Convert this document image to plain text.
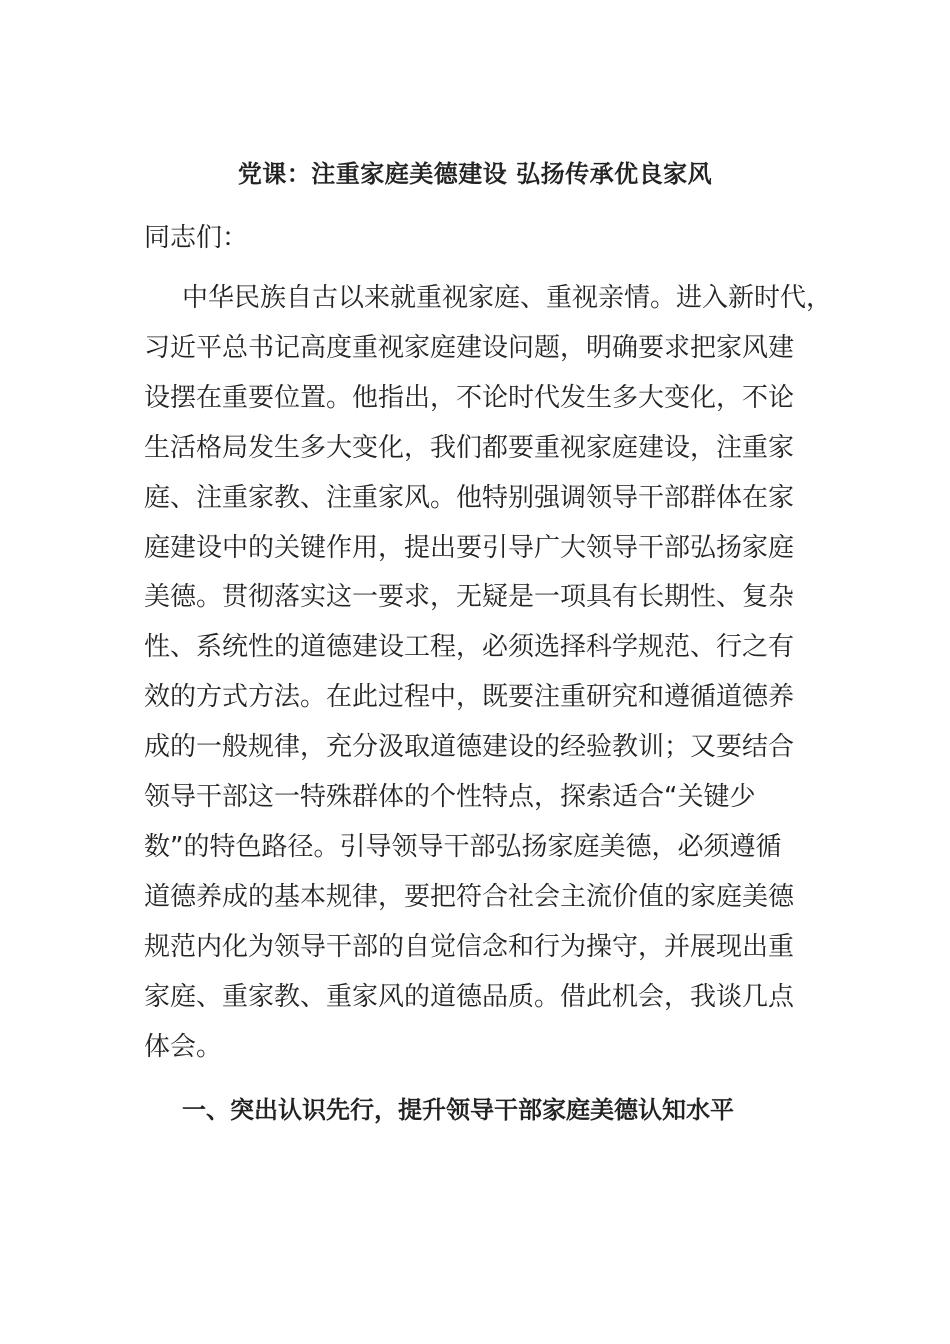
党课：注重家庭美德建设 弘扬传承优良家风

同志们：

中华民族自古以来就重视家庭、重视亲情。进入新时代，
习近平总书记高度重视家庭建设问题，明确要求把家风建
设摆在重要位置。他指出，不论时代发生多大变化，不论
生活格局发生多大变化，我们都要重视家庭建设，注重家
庭、注重家教、注重家风。他特别强调领导干部群体在家
庭建设中的关键作用，提出要引导广大领导干部弘扬家庭
美德。贯彻落实这一要求，无疑是一项具有长期性、复杂
性、系统性的道德建设工程，必须选择科学规范、行之有
效的方式方法。在此过程中，既要注重研究和遵循道德养
成的一般规律，充分汲取道德建设的经验教训；又要结合
领导干部这一特殊群体的个性特点，探索适合“关键少
数”的特色路径。引导领导干部弘扬家庭美德，必须遵循
道德养成的基本规律，要把符合社会主流价值的家庭美德
规范内化为领导干部的自觉信念和行为操守，并展现出重
家庭、重家教、重家风的道德品质。借此机会，我谈几点
体会。

一、突出认识先行，提升领导干部家庭美德认知水平
